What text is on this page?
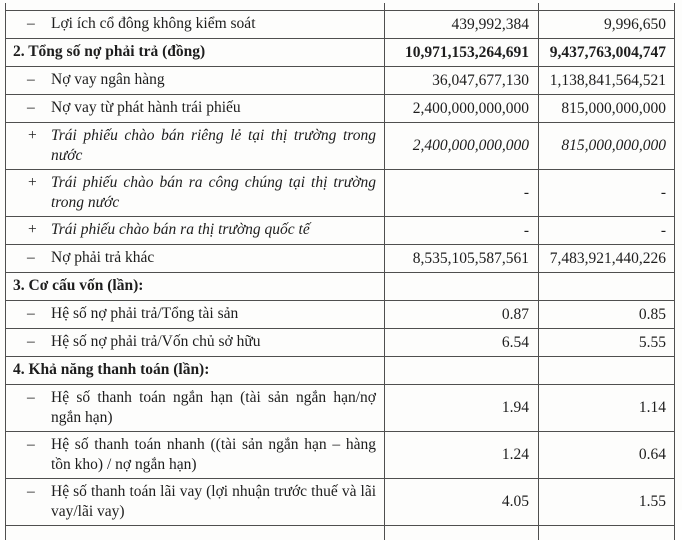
–	Lợi ích cổ đông không kiểm soát	439,992,384	9,996,650
2. Tổng số nợ phải trả (đồng)	10,971,153,264,691 9,437,763,004,747
–	Nợ vay ngân hàng	36,047,677,130 1,138,841,564,521
–	Nợ vay từ phát hành trái phiếu	2,400,000,000,000 815,000,000,000
+ Trái phiếu chào bán riêng lẻ tại thị trường trong nước
2,400,000,000,000 815,000,000,000
+ Trái phiếu chào bán ra công chúng tại thị trường trong nước
-	-
+ Trái phiếu chào bán ra thị trường quốc tế	-	-
–	Nợ phải trả khác	8,535,105,587,561 7,483,921,440,226
3. Cơ cấu vốn (lần):
–	Hệ số nợ phải trả/Tổng tài sản	0.87	0.85
–	Hệ số nợ phải trả/Vốn chủ sở hữu	6.54	5.55
4. Khả năng thanh toán (lần):
–	Hệ số thanh toán ngắn hạn (tài sản ngắn hạn/nợ ngắn hạn)
1.94	1.14
–	Hệ số thanh toán nhanh ((tài sản ngắn hạn – hàng tồn kho) / nợ ngắn hạn)
1.24	0.64
–	Hệ số thanh toán lãi vay (lợi nhuận trước thuế và lãi vay/lãi vay)
4.05	1.55
